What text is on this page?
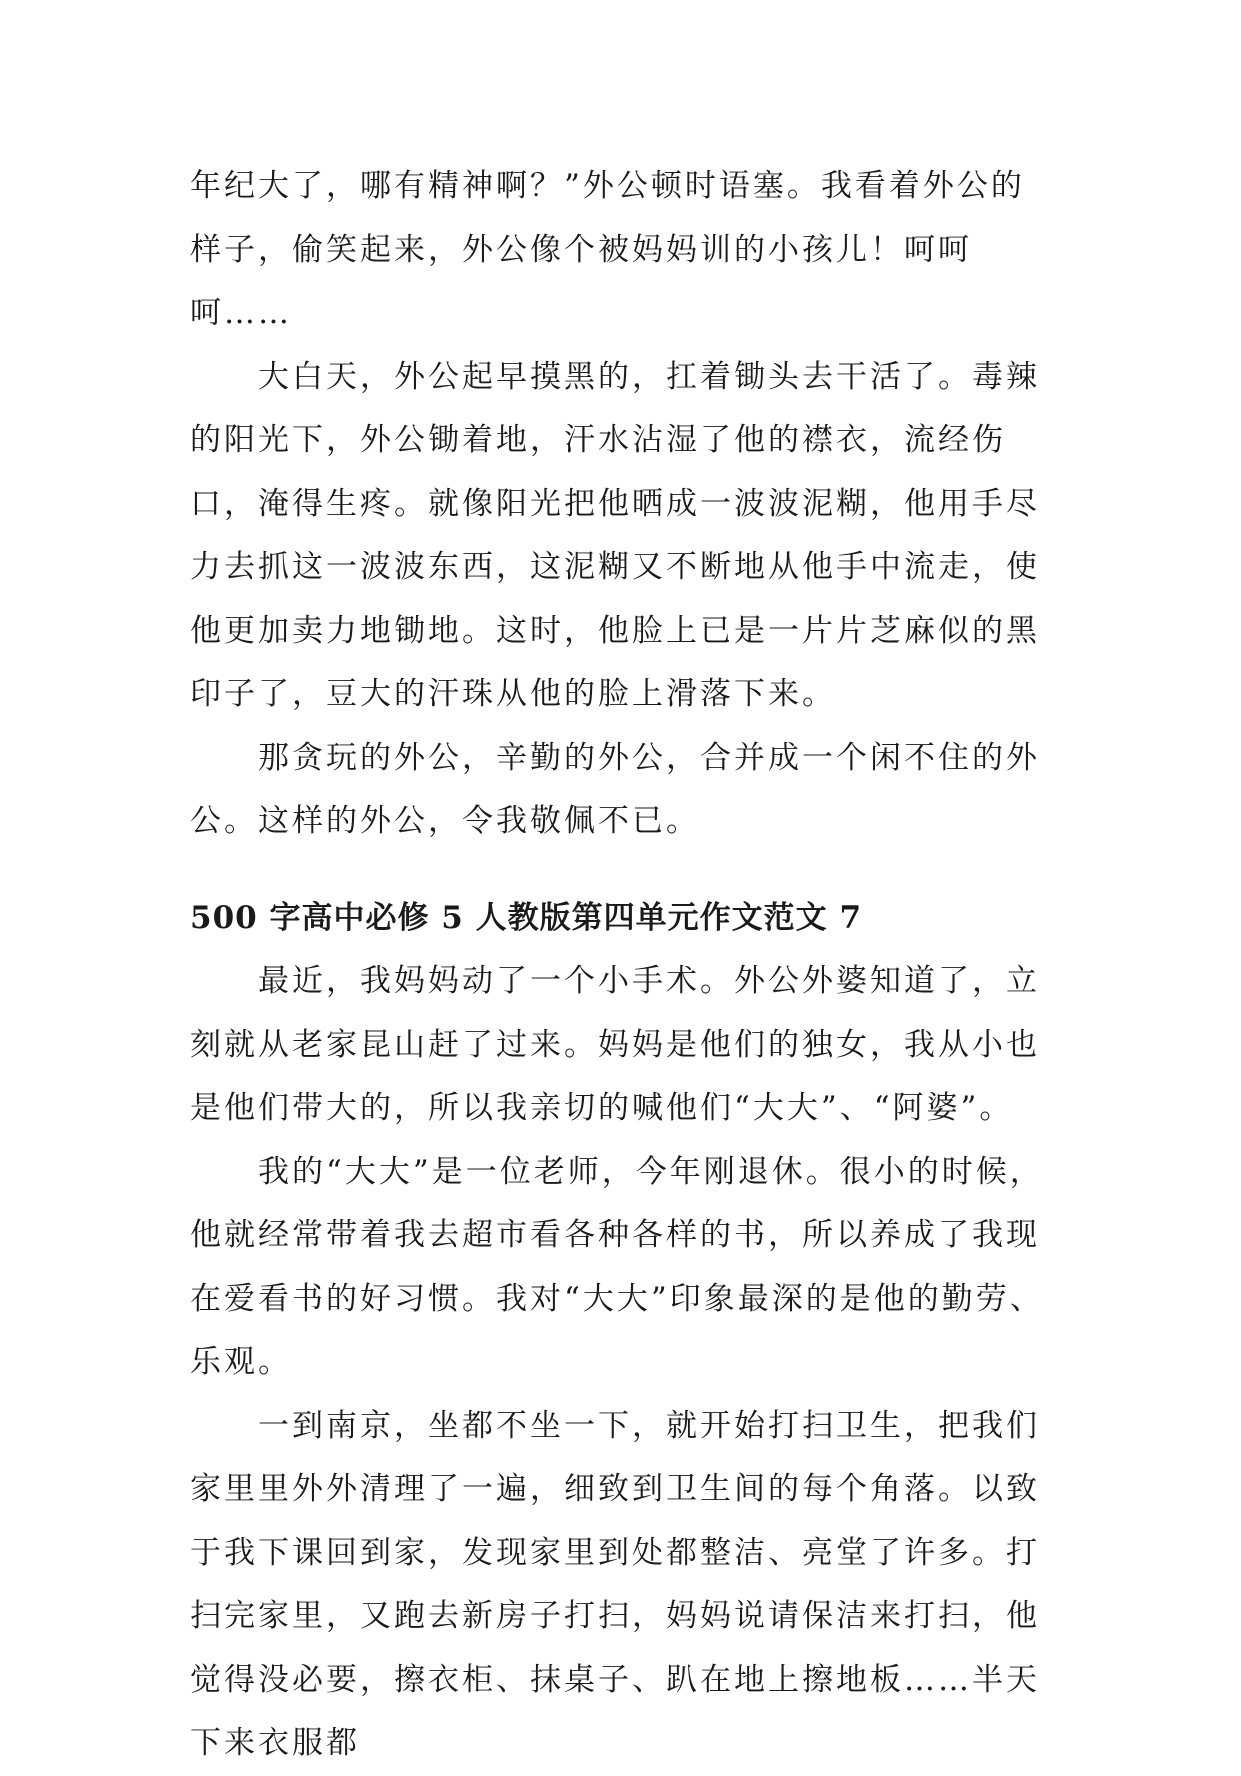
年纪大了，哪有精神啊？”外公顿时语塞。我看着外公的样子，偷笑起来，外公像个被妈妈训的小孩儿！呵呵呵……

大白天，外公起早摸黑的，扛着锄头去干活了。毒辣的阳光下，外公锄着地，汗水沾湿了他的襟衣，流经伤口，淹得生疼。就像阳光把他晒成一波波泥糊，他用手尽力去抓这一波波东西，这泥糊又不断地从他手中流走，使他更加卖力地锄地。这时，他脸上已是一片片芝麻似的黑印子了，豆大的汗珠从他的脸上滑落下来。

那贪玩的外公，辛勤的外公，合并成一个闲不住的外公。这样的外公，令我敬佩不已。

500 字高中必修 5 人教版第四单元作文范文 7

最近，我妈妈动了一个小手术。外公外婆知道了，立刻就从老家昆山赶了过来。妈妈是他们的独女，我从小也是他们带大的，所以我亲切的喊他们“大大”、“阿婆”。

我的“大大”是一位老师，今年刚退休。很小的时候，他就经常带着我去超市看各种各样的书，所以养成了我现在爱看书的好习惯。我对“大大”印象最深的是他的勤劳、乐观。

一到南京，坐都不坐一下，就开始打扫卫生，把我们家里里外外清理了一遍，细致到卫生间的每个角落。以致于我下课回到家，发现家里到处都整洁、亮堂了许多。打扫完家里，又跑去新房子打扫，妈妈说请保洁来打扫，他觉得没必要，擦衣柜、抹桌子、趴在地上擦地板……半天下来衣服都
